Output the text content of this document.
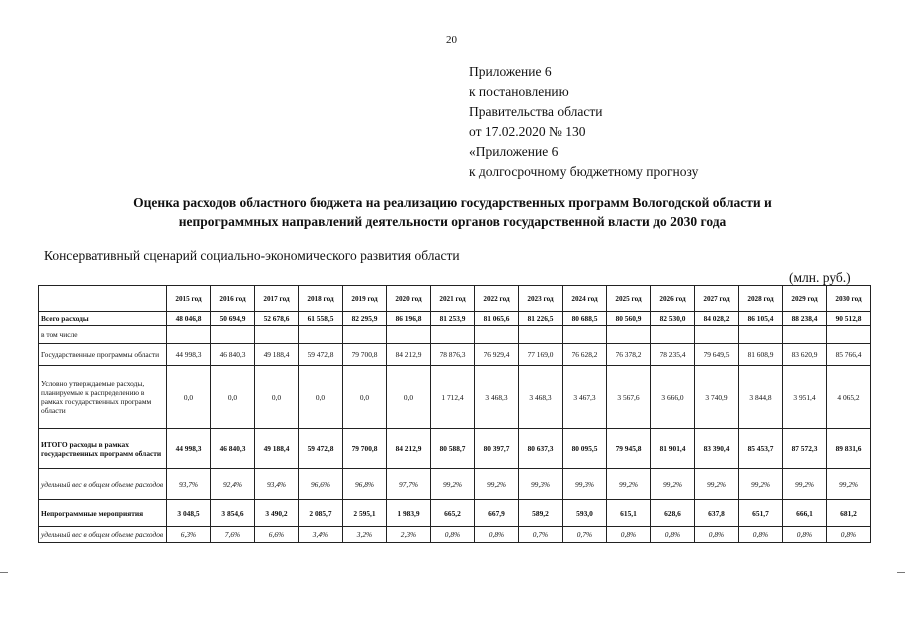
20
Приложение 6
к постановлению
Правительства области
от 17.02.2020 № 130
«Приложение 6
к долгосрочному бюджетному прогнозу
Оценка расходов областного бюджета на реализацию государственных программ Вологодской области и
непрограммных направлений деятельности органов государственной власти до 2030 года
Консервативный сценарий социально-экономического развития области
(млн. руб.)
	2015 год	2016 год	2017 год	2018 год	2019 год	2020 год	2021 год	2022 год	2023 год	2024 год	2025 год	2026 год	2027 год	2028 год	2029 год	2030 год
Всего расходы	48 046,8	50 694,9	52 678,6	61 558,5	82 295,9	86 196,8	81 253,9	81 065,6	81 226,5	80 688,5	80 560,9	82 530,0	84 028,2	86 105,4	88 238,4	90 512,8
в том числе																
Государственные программы области	44 998,3	46 840,3	49 188,4	59 472,8	79 700,8	84 212,9	78 876,3	76 929,4	77 169,0	76 628,2	76 378,2	78 235,4	79 649,5	81 608,9	83 620,9	85 766,4
Условно утверждаемые расходы, планируемые к распределению в рамках государственных программ области	0,0	0,0	0,0	0,0	0,0	0,0	1 712,4	3 468,3	3 468,3	3 467,3	3 567,6	3 666,0	3 740,9	3 844,8	3 951,4	4 065,2
ИТОГО расходы в рамках государственных программ области	44 998,3	46 840,3	49 188,4	59 472,8	79 700,8	84 212,9	80 588,7	80 397,7	80 637,3	80 095,5	79 945,8	81 901,4	83 390,4	85 453,7	87 572,3	89 831,6
удельный вес в общем объеме расходов	93,7%	92,4%	93,4%	96,6%	96,8%	97,7%	99,2%	99,2%	99,3%	99,3%	99,2%	99,2%	99,2%	99,2%	99,2%	99,2%
Непрограммные мероприятия	3 048,5	3 854,6	3 490,2	2 085,7	2 595,1	1 983,9	665,2	667,9	589,2	593,0	615,1	628,6	637,8	651,7	666,1	681,2
удельный вес в общем объеме расходов	6,3%	7,6%	6,6%	3,4%	3,2%	2,3%	0,8%	0,8%	0,7%	0,7%	0,8%	0,8%	0,8%	0,8%	0,8%	0,8%
